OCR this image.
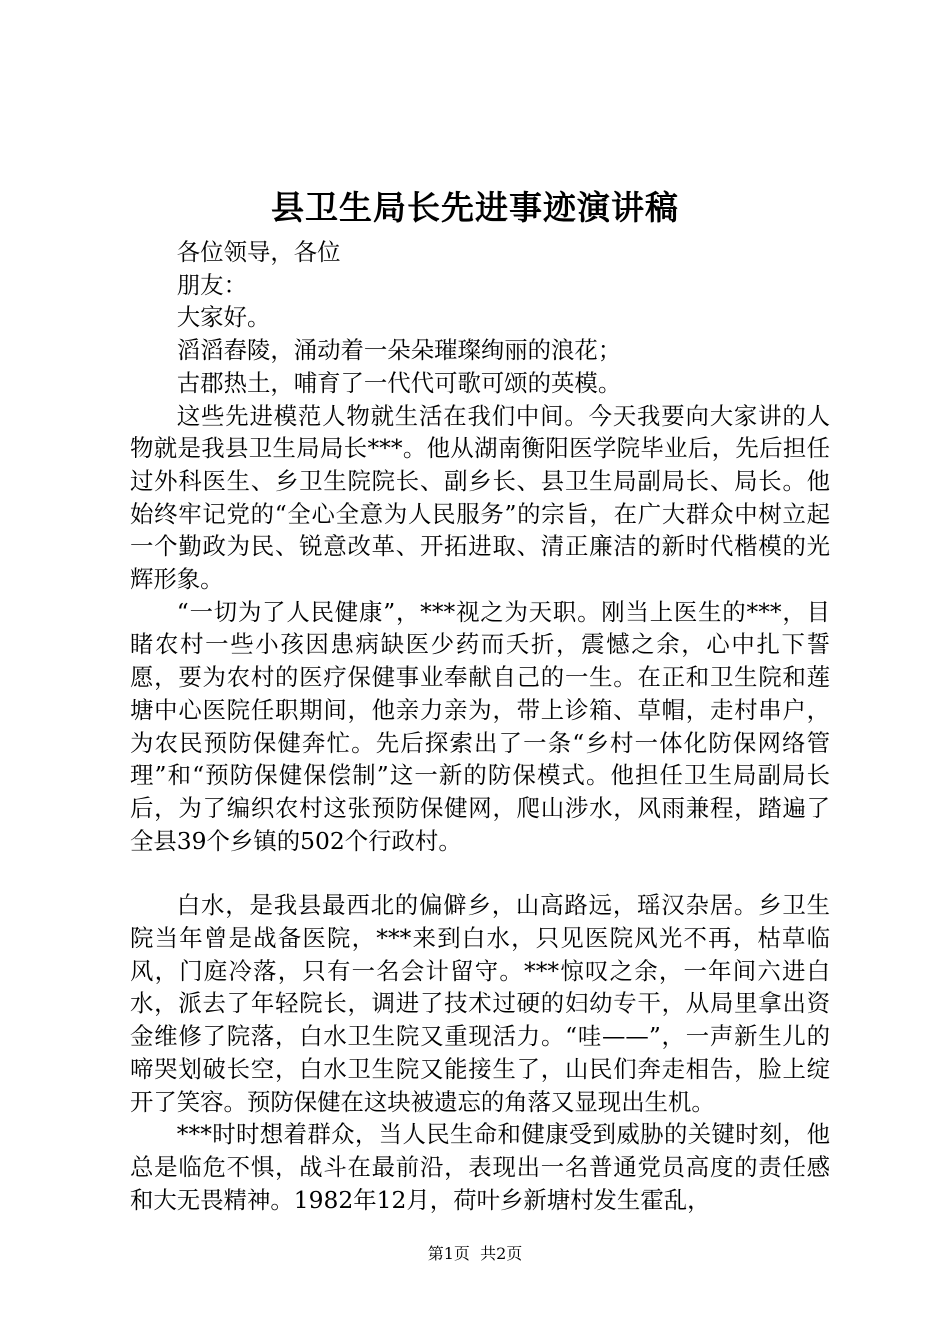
县卫生局长先进事迹演讲稿

各位领导，各位

朋友：

大家好。

滔滔舂陵，涌动着一朵朵璀璨绚丽的浪花；

古郡热土，哺育了一代代可歌可颂的英模。

这些先进模范人物就生活在我们中间。今天我要向大家讲的人物就是我县卫生局局长***。他从湖南衡阳医学院毕业后，先后担任过外科医生、乡卫生院院长、副乡长、县卫生局副局长、局长。他始终牢记党的“全心全意为人民服务”的宗旨，在广大群众中树立起一个勤政为民、锐意改革、开拓进取、清正廉洁的新时代楷模的光辉形象。

“一切为了人民健康”，***视之为天职。刚当上医生的***，目睹农村一些小孩因患病缺医少药而夭折，震憾之余，心中扎下誓愿，要为农村的医疗保健事业奉献自己的一生。在正和卫生院和莲塘中心医院任职期间，他亲力亲为，带上诊箱、草帽，走村串户，为农民预防保健奔忙。先后探索出了一条“乡村一体化防保网络管理”和“预防保健保偿制”这一新的防保模式。他担任卫生局副局长后，为了编织农村这张预防保健网，爬山涉水，风雨兼程，踏遍了全县39个乡镇的502个行政村。

白水，是我县最西北的偏僻乡，山高路远，瑶汉杂居。乡卫生院当年曾是战备医院，***来到白水，只见医院风光不再，枯草临风，门庭冷落，只有一名会计留守。***惊叹之余，一年间六进白水，派去了年轻院长，调进了技术过硬的妇幼专干，从局里拿出资金维修了院落，白水卫生院又重现活力。“哇——”，一声新生儿的啼哭划破长空，白水卫生院又能接生了，山民们奔走相告，脸上绽开了笑容。预防保健在这块被遗忘的角落又显现出生机。

***时时想着群众，当人民生命和健康受到威胁的关键时刻，他总是临危不惧，战斗在最前沿，表现出一名普通党员高度的责任感和大无畏精神。1982年12月，荷叶乡新塘村发生霍乱，

第1页 共2页
